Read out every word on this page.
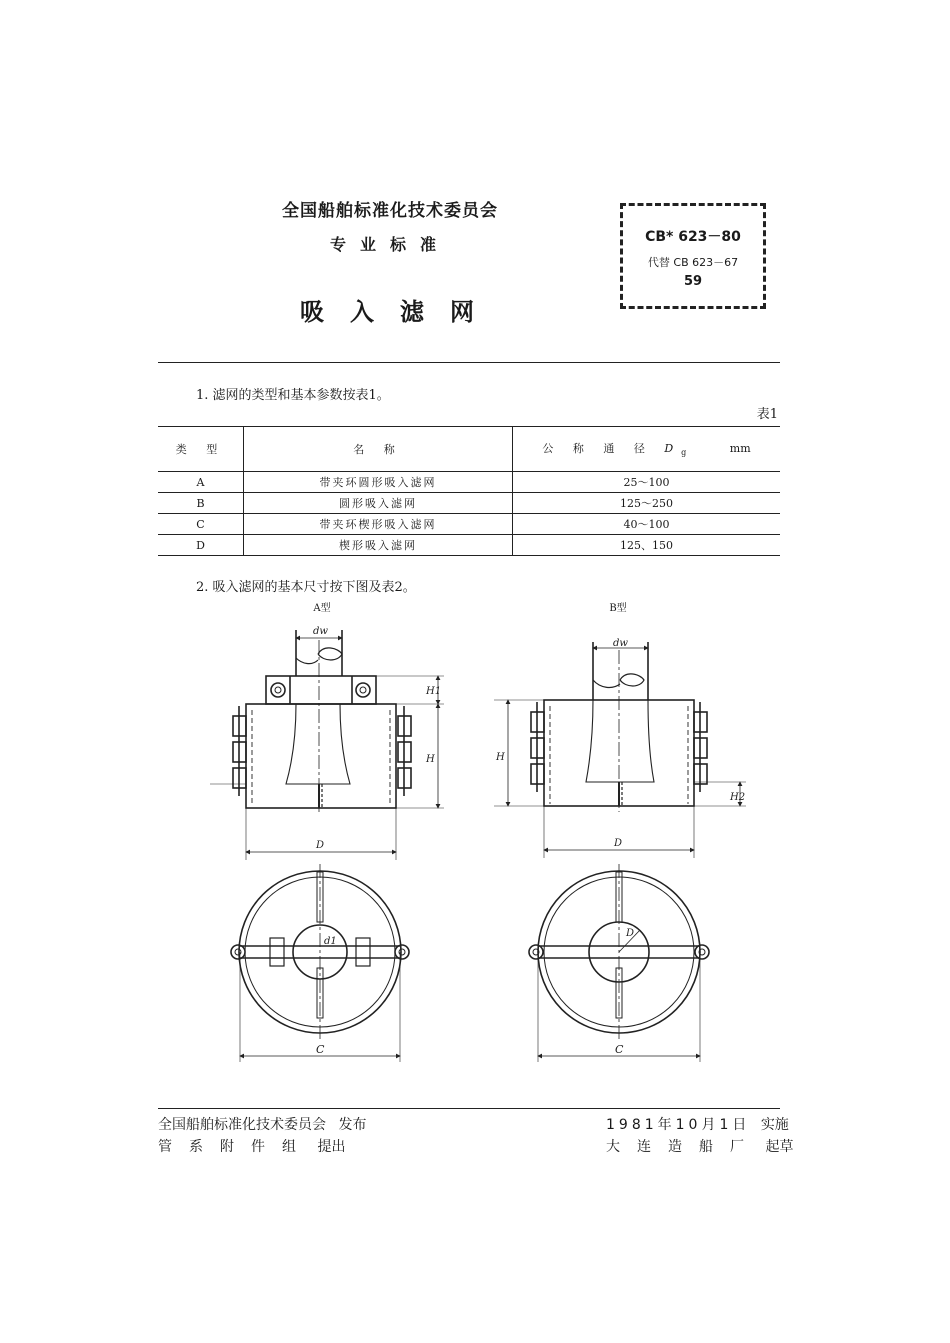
全国船舶标准化技术委员会
专业标准
吸入滤网
CB* 623－80
代替 CB 623－67
59
1. 滤网的类型和基本参数按表1。
表1
类 型	名 称	公 称 通 径 $D_g$ mm
A	带夹环圆形吸入滤网	25～100
B	圆形吸入滤网	125～250
C	带夹环楔形吸入滤网	40～100
D	楔形吸入滤网	125、150
2. 吸入滤网的基本尺寸按下图及表2。
A型	B型
dw
H1
H
D
dw
H
H2
D
d1
C
D
C
全国船舶标准化技术委员会 发布
管系附件组 提出
1981年10月1日 实施
大连造船厂 起草
